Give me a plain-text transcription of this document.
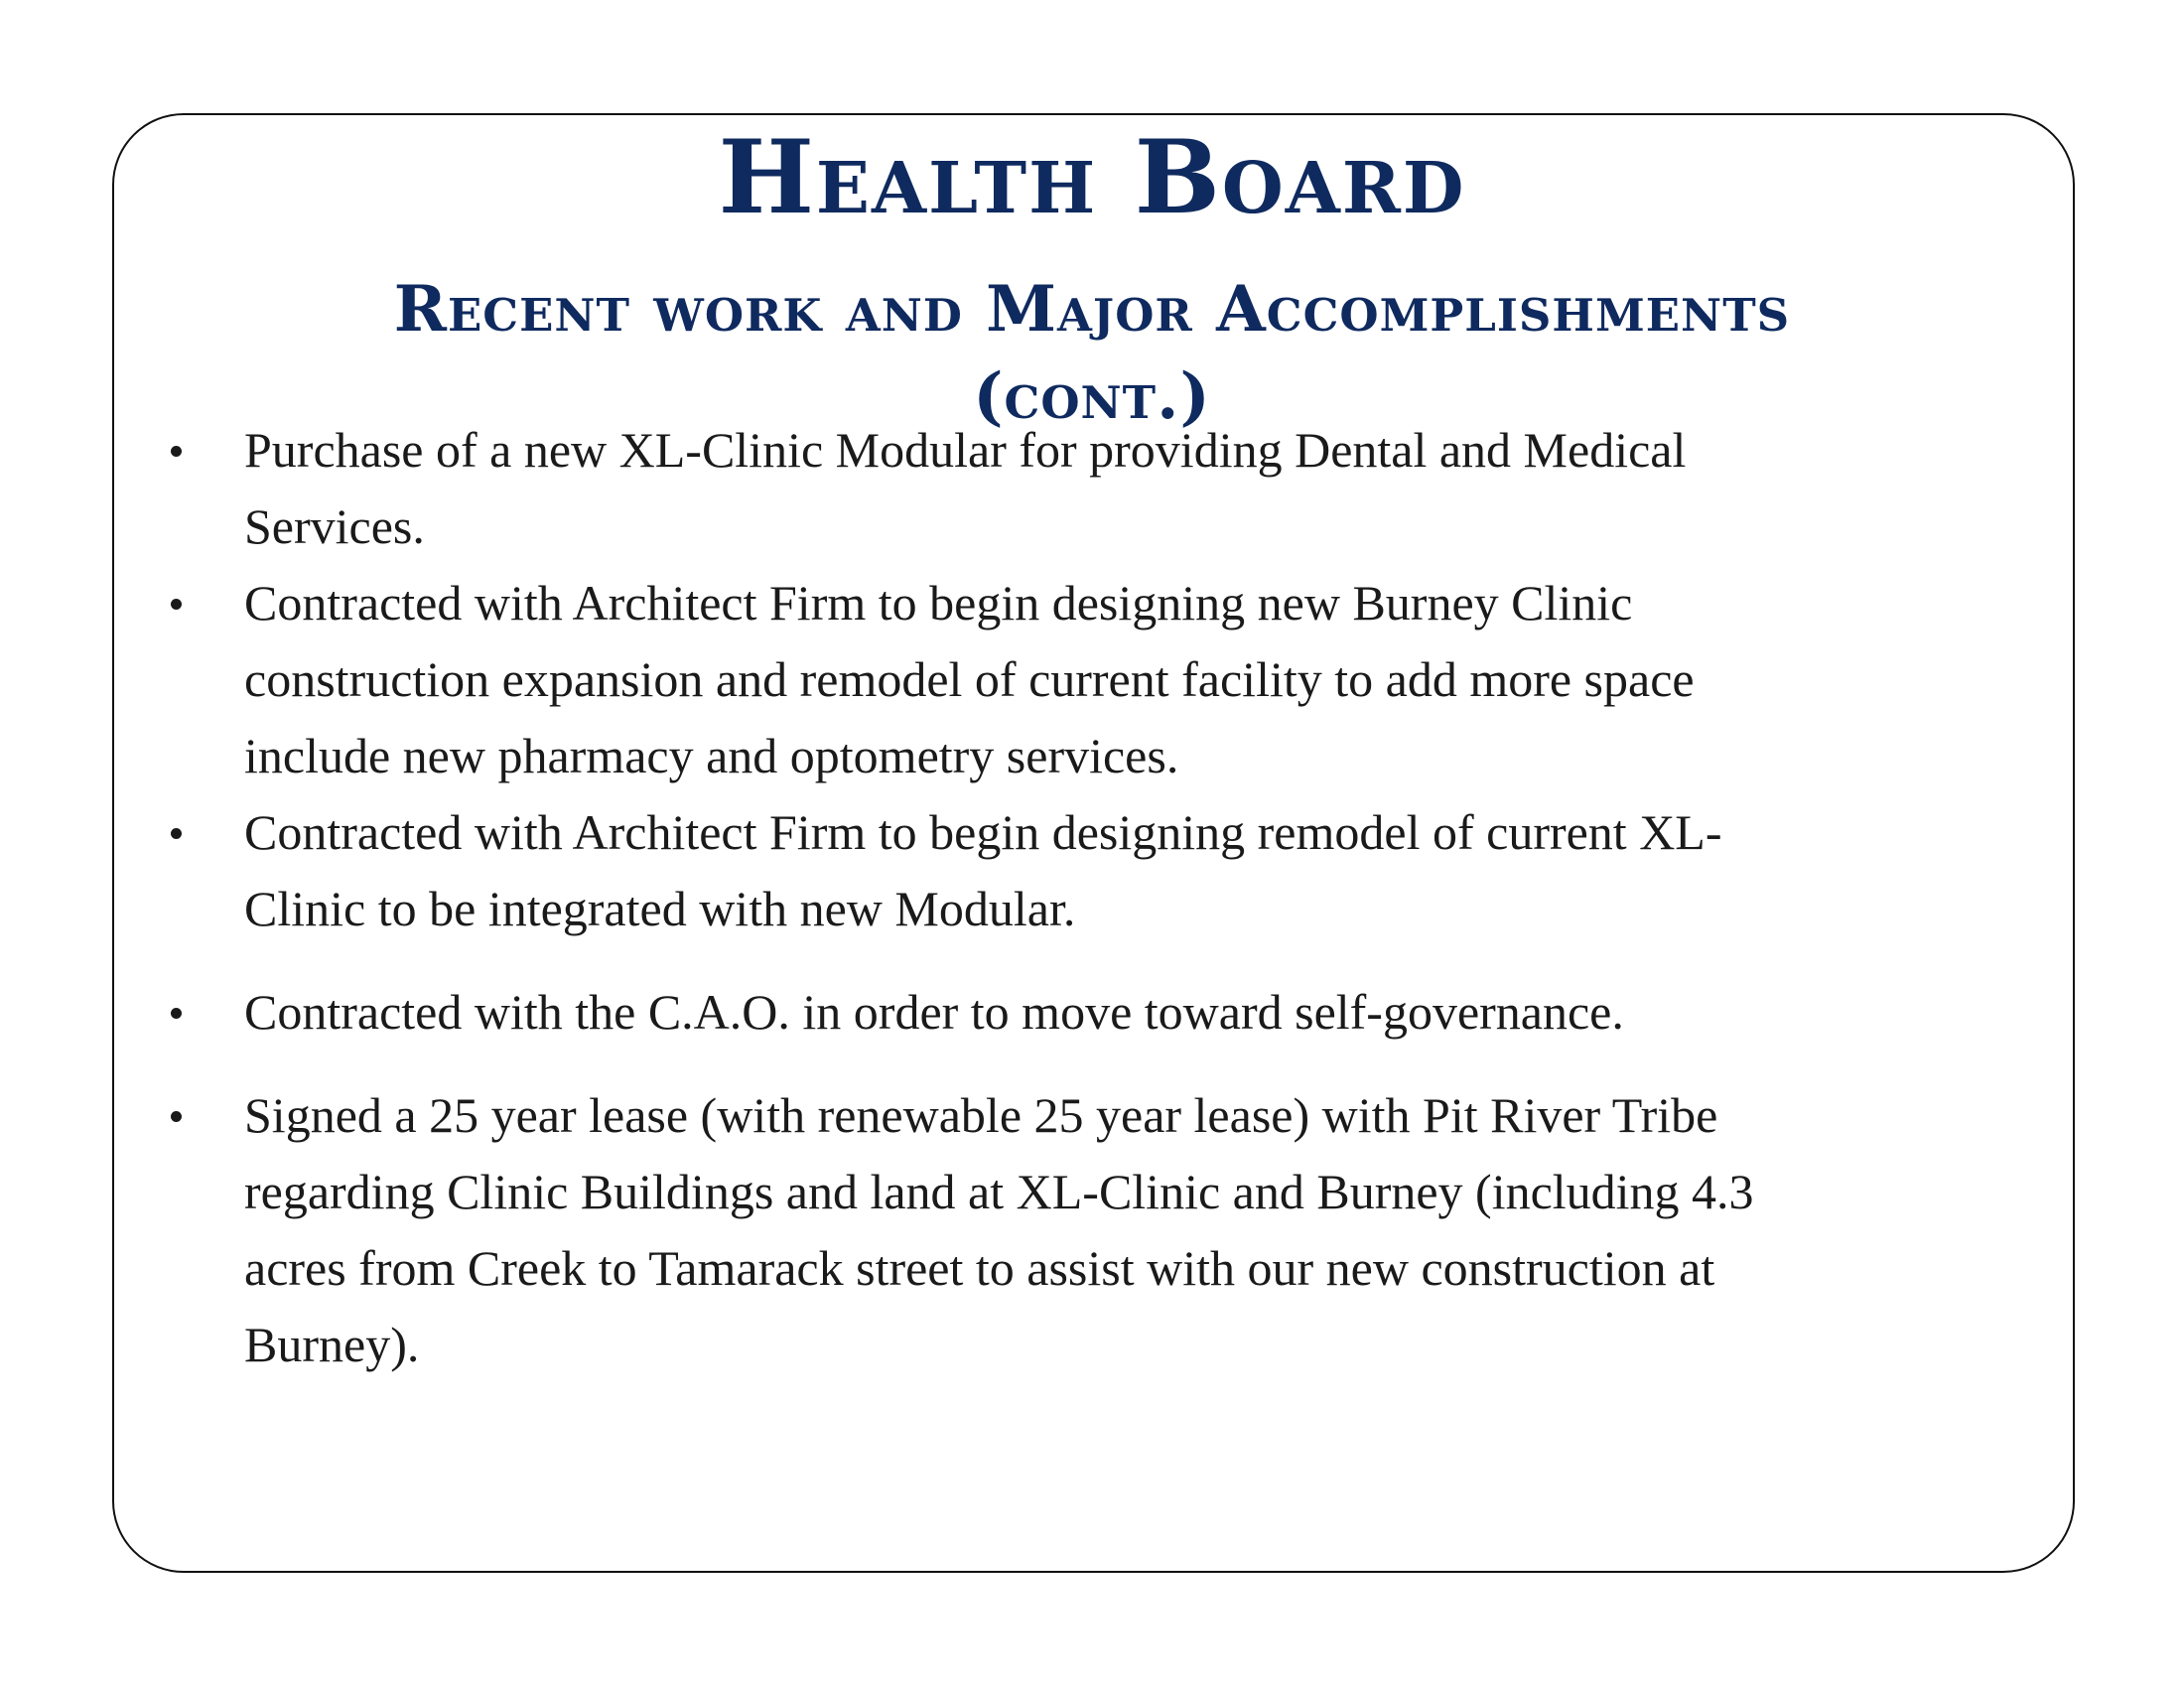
Health Board
Recent work and Major Accomplishments
(cont.)
Purchase of a new XL-Clinic Modular for providing Dental and Medical
Services.
Contracted with Architect Firm to begin designing new Burney Clinic
construction expansion and remodel of current facility to add more space
include new pharmacy and optometry services.
Contracted with Architect Firm to begin designing remodel of current XL-
Clinic to be integrated with new Modular.
Contracted with the C.A.O. in order to move toward self-governance.
Signed a 25 year lease (with renewable 25 year lease) with Pit River Tribe
regarding Clinic Buildings and land at XL-Clinic and Burney (including 4.3
acres from Creek to Tamarack street to assist with our new construction at
Burney).
